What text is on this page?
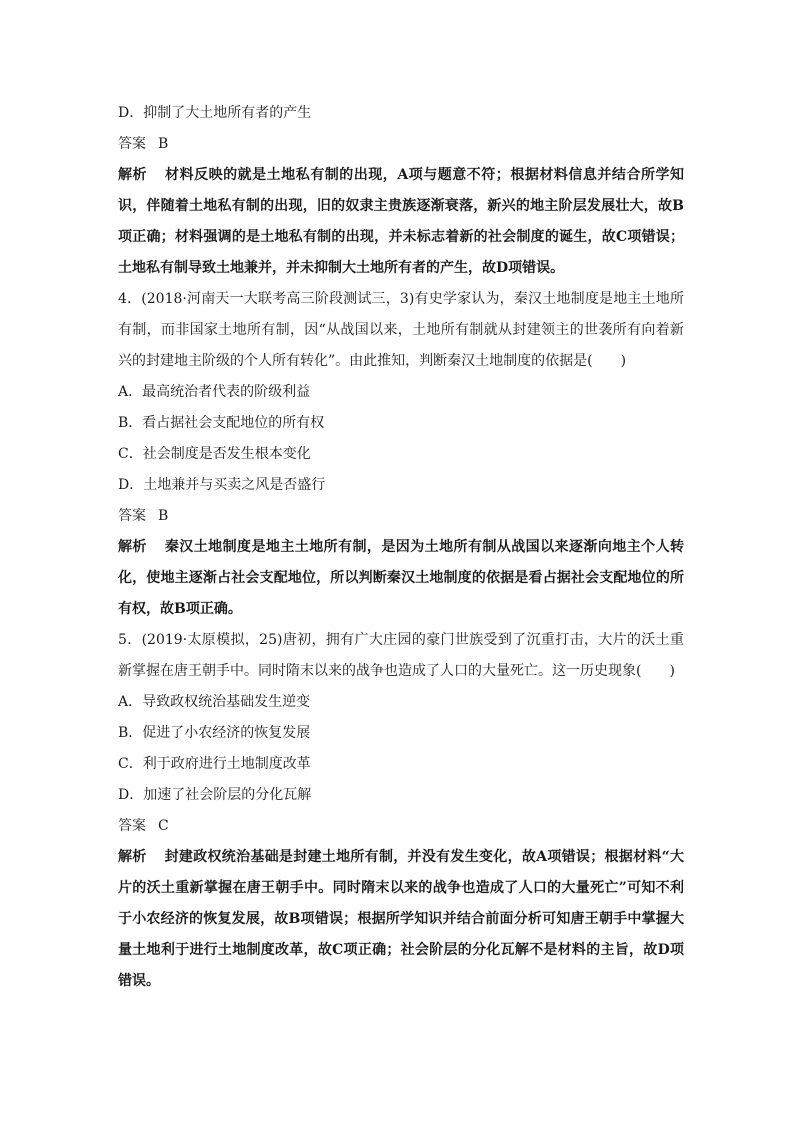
D．抑制了大土地所有者的产生
答案 B
解析 材料反映的就是土地私有制的出现，A项与题意不符；根据材料信息并结合所学知识，伴随着土地私有制的出现，旧的奴隶主贵族逐渐衰落，新兴的地主阶层发展壮大，故B项正确；材料强调的是土地私有制的出现，并未标志着新的社会制度的诞生，故C项错误；土地私有制导致土地兼并，并未抑制大土地所有者的产生，故D项错误。
4．(2018·河南天一大联考高三阶段测试三，3)有史学家认为，秦汉土地制度是地主土地所有制，而非国家土地所有制，因“从战国以来，土地所有制就从封建领主的世袭所有向着新兴的封建地主阶级的个人所有转化”。由此推知，判断秦汉土地制度的依据是(　　)
A．最高统治者代表的阶级利益
B．看占据社会支配地位的所有权
C．社会制度是否发生根本变化
D．土地兼并与买卖之风是否盛行
答案 B
解析 秦汉土地制度是地主土地所有制，是因为土地所有制从战国以来逐渐向地主个人转化，使地主逐渐占社会支配地位，所以判断秦汉土地制度的依据是看占据社会支配地位的所有权，故B项正确。
5．(2019·太原模拟，25)唐初，拥有广大庄园的豪门世族受到了沉重打击，大片的沃土重新掌握在唐王朝手中。同时隋末以来的战争也造成了人口的大量死亡。这一历史现象(　　)
A．导致政权统治基础发生逆变
B．促进了小农经济的恢复发展
C．利于政府进行土地制度改革
D．加速了社会阶层的分化瓦解
答案 C
解析 封建政权统治基础是封建土地所有制，并没有发生变化，故A项错误；根据材料“大片的沃土重新掌握在唐王朝手中。同时隋末以来的战争也造成了人口的大量死亡”可知不利于小农经济的恢复发展，故B项错误；根据所学知识并结合前面分析可知唐王朝手中掌握大量土地利于进行土地制度改革，故C项正确；社会阶层的分化瓦解不是材料的主旨，故D项错误。
